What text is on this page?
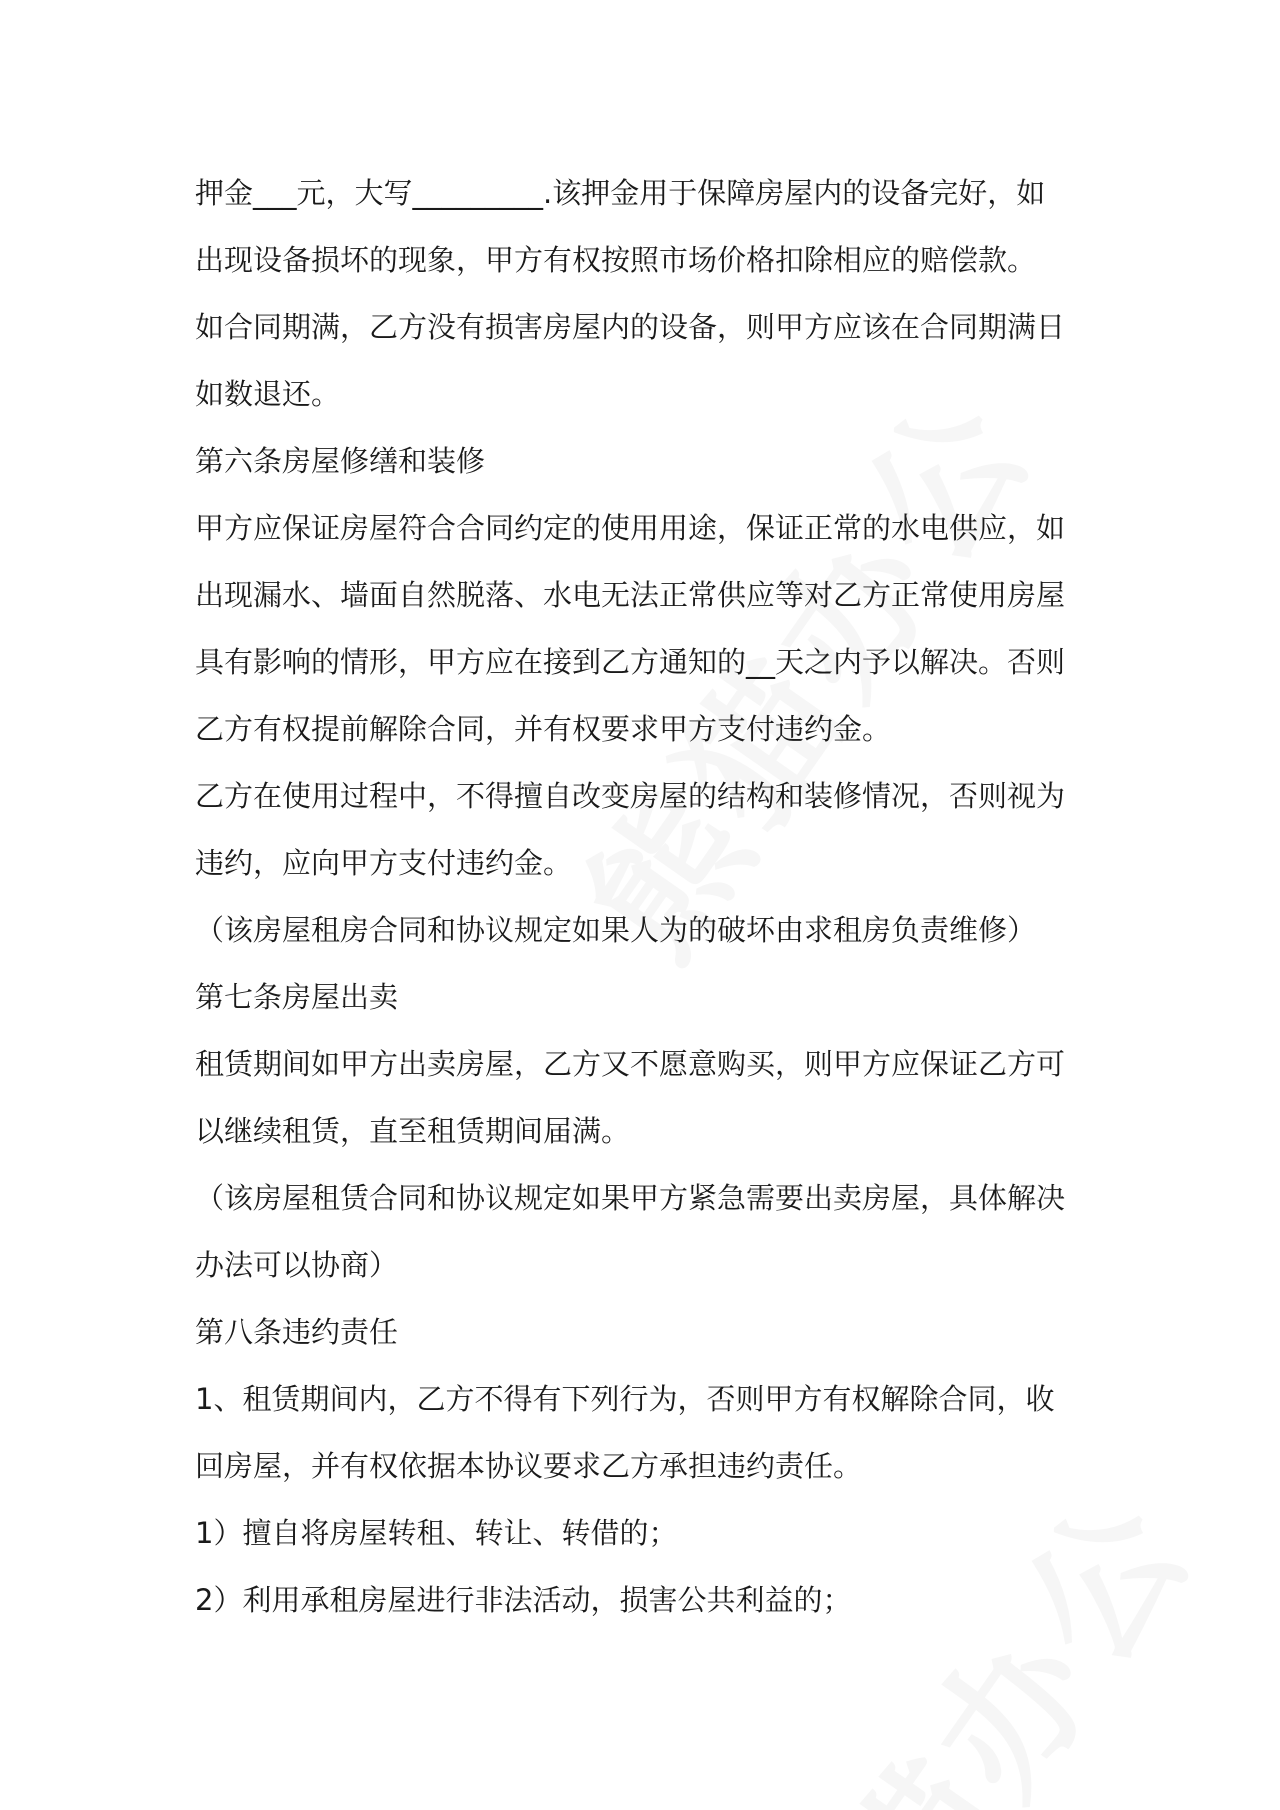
押金___元，大写_________.该押金用于保障房屋内的设备完好，如
出现设备损坏的现象，甲方有权按照市场价格扣除相应的赔偿款。
如合同期满，乙方没有损害房屋内的设备，则甲方应该在合同期满日
如数退还。
第六条房屋修缮和装修
甲方应保证房屋符合合同约定的使用用途，保证正常的水电供应，如
出现漏水、墙面自然脱落、水电无法正常供应等对乙方正常使用房屋
具有影响的情形，甲方应在接到乙方通知的__天之内予以解决。否则
乙方有权提前解除合同，并有权要求甲方支付违约金。
乙方在使用过程中，不得擅自改变房屋的结构和装修情况，否则视为
违约，应向甲方支付违约金。
（该房屋租房合同和协议规定如果人为的破坏由求租房负责维修）
第七条房屋出卖
租赁期间如甲方出卖房屋，乙方又不愿意购买，则甲方应保证乙方可
以继续租赁，直至租赁期间届满。
（该房屋租赁合同和协议规定如果甲方紧急需要出卖房屋，具体解决
办法可以协商）
第八条违约责任
1、租赁期间内，乙方不得有下列行为，否则甲方有权解除合同，收
回房屋，并有权依据本协议要求乙方承担违约责任。
1）擅自将房屋转租、转让、转借的；
2）利用承租房屋进行非法活动，损害公共利益的；
